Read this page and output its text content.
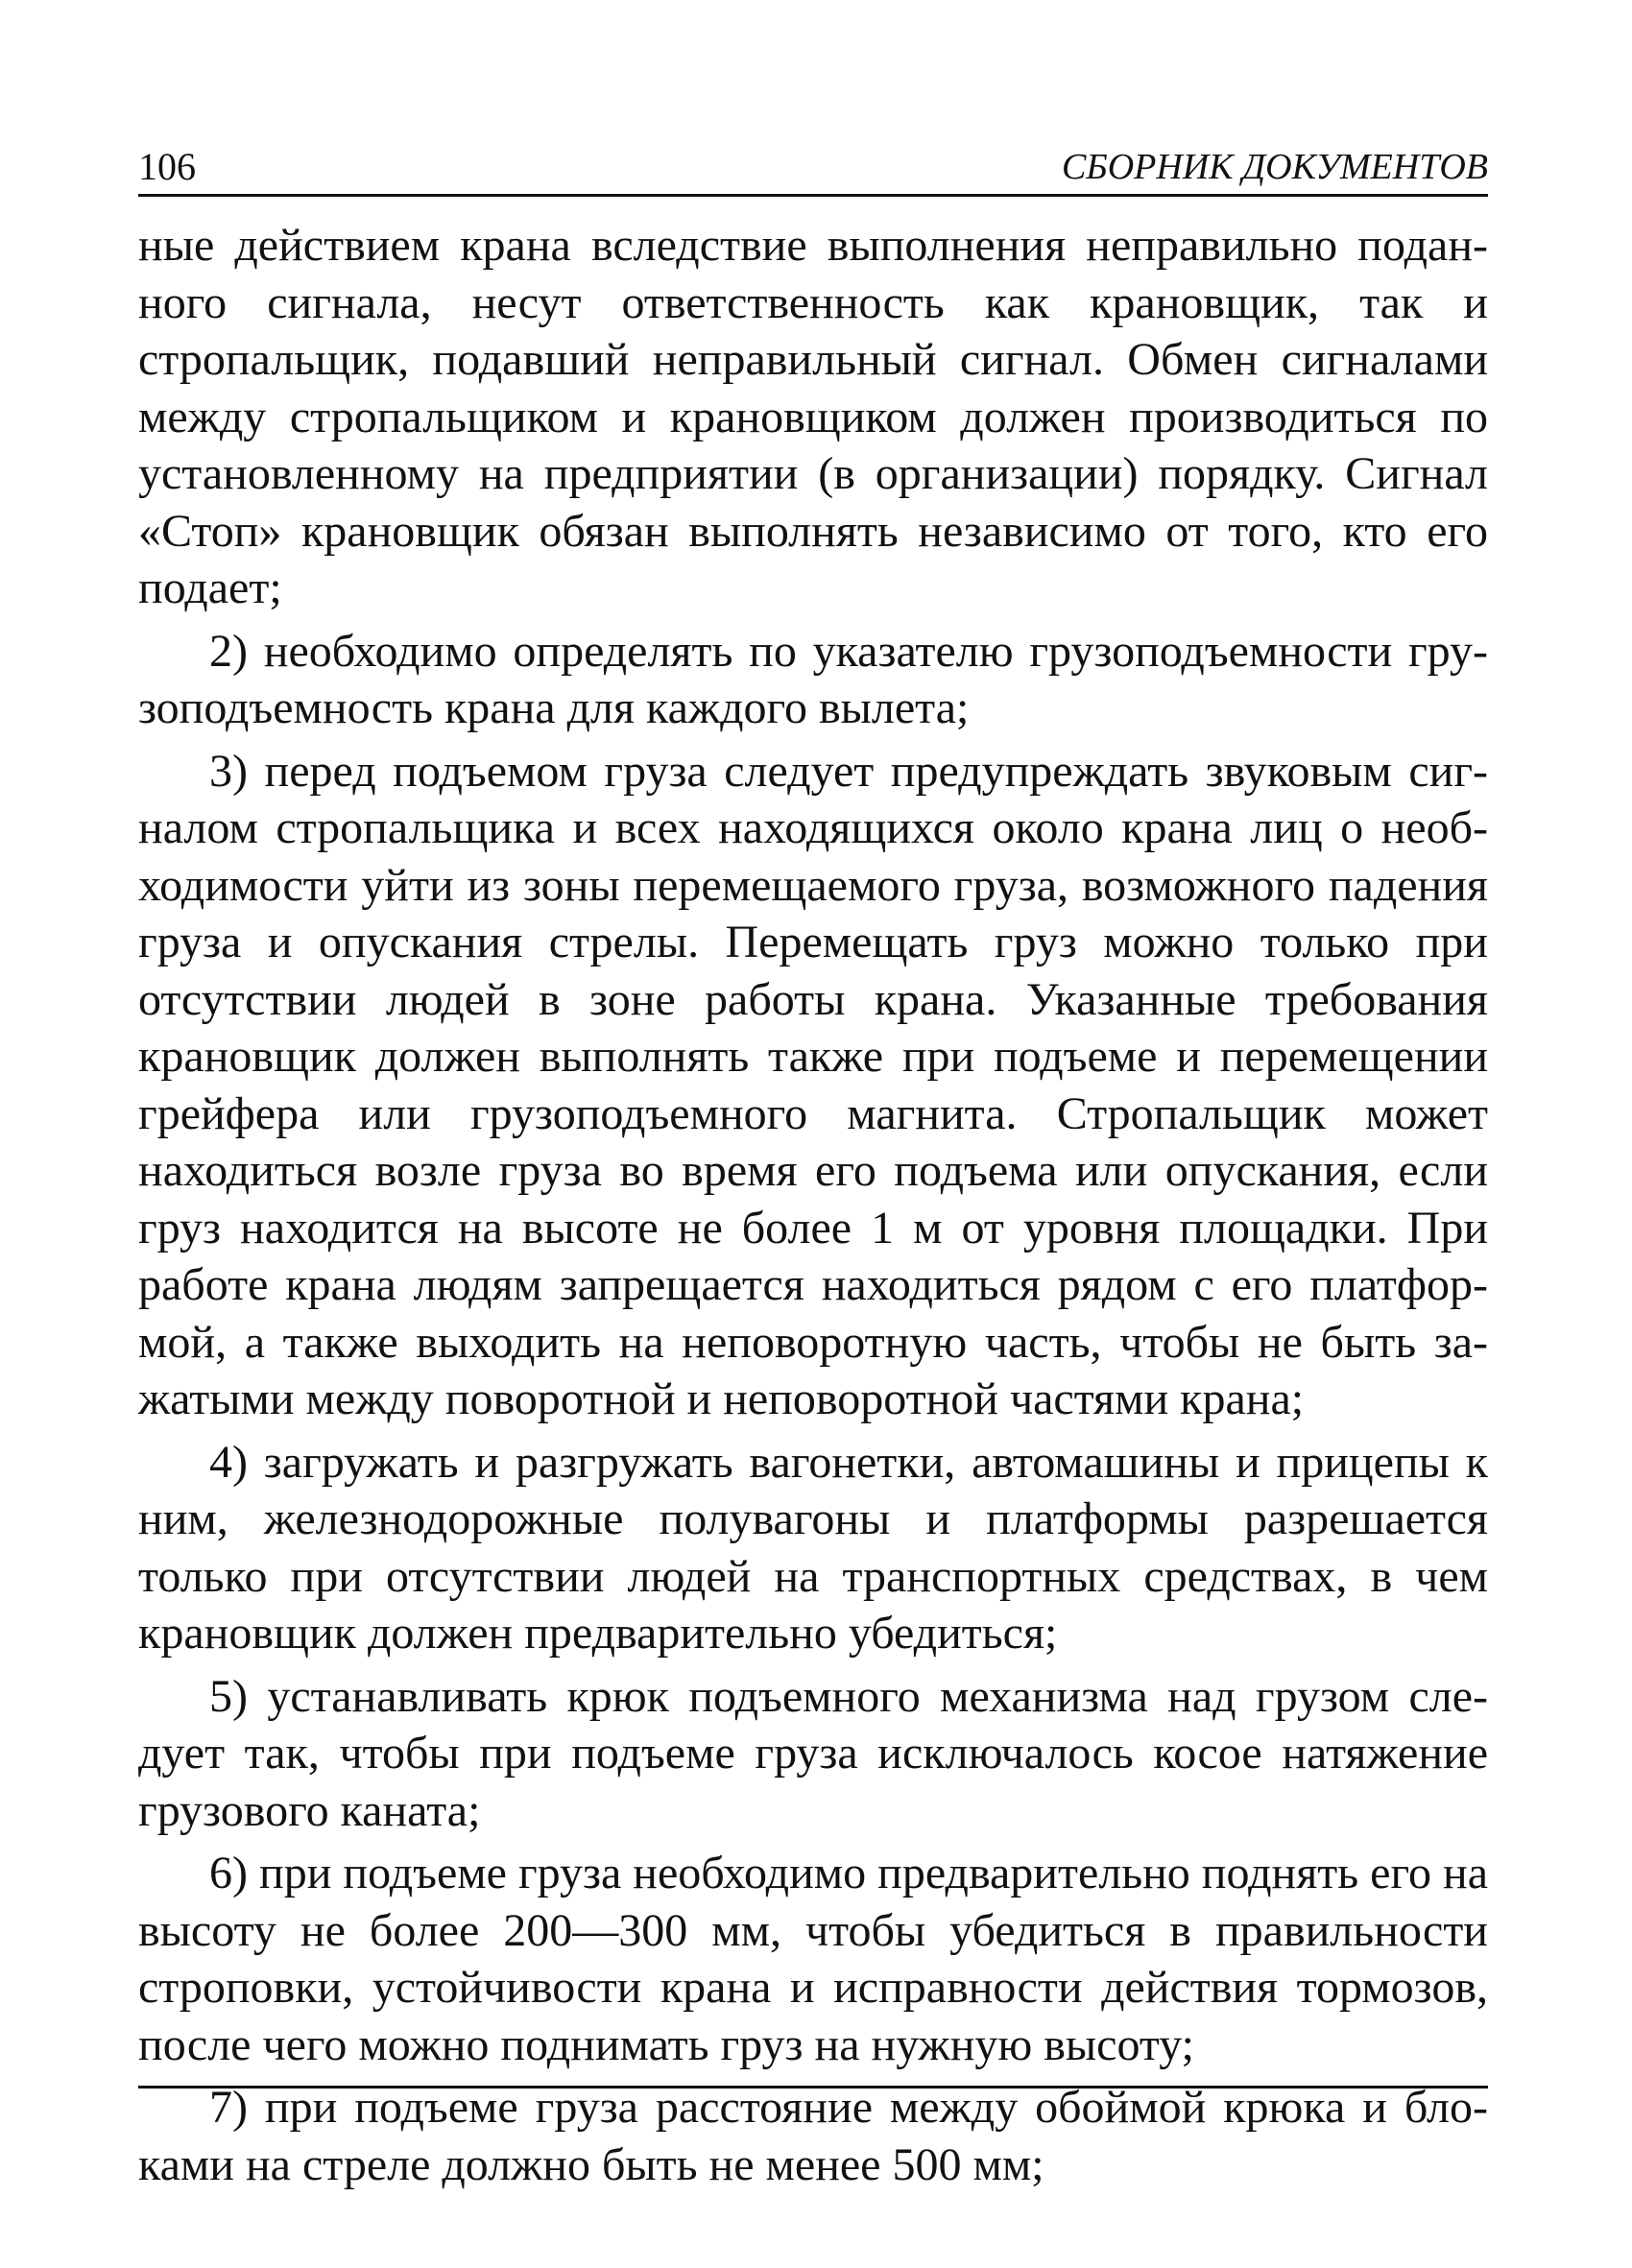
106	СБОРНИК ДОКУМЕНТОВ

ные действием крана вследствие выполнения неправильно поданного сигнала, несут ответственность как крановщик, так и стропальщик, подавший неправильный сигнал. Обмен сигналами между стропальщиком и крановщиком должен производиться по установленному на предприятии (в организации) порядку. Сигнал «Стоп» крановщик обязан выполнять независимо от того, кто его подает;

2) необходимо определять по указателю грузоподъемности грузоподъемность крана для каждого вылета;

3) перед подъемом груза следует предупреждать звуковым сигналом стропальщика и всех находящихся около крана лиц о необходимости уйти из зоны перемещаемого груза, возможного падения груза и опускания стрелы. Перемещать груз можно только при отсутствии людей в зоне работы крана. Указанные требования крановщик должен выполнять также при подъеме и перемещении грейфера или грузоподъемного магнита. Стропальщик может находиться возле груза во время его подъема или опускания, если груз находится на высоте не более 1 м от уровня площадки. При работе крана людям запрещается находиться рядом с его платформой, а также выходить на неповоротную часть, чтобы не быть зажатыми между поворотной и неповоротной частями крана;

4) загружать и разгружать вагонетки, автомашины и прицепы к ним, железнодорожные полувагоны и платформы разрешается только при отсутствии людей на транспортных средствах, в чем крановщик должен предварительно убедиться;

5) устанавливать крюк подъемного механизма над грузом следует так, чтобы при подъеме груза исключалось косое натяжение грузового каната;

6) при подъеме груза необходимо предварительно поднять его на высоту не более 200—300 мм, чтобы убедиться в правильности строповки, устойчивости крана и исправности действия тормозов, после чего можно поднимать груз на нужную высоту;

7) при подъеме груза расстояние между обоймой крюка и блоками на стреле должно быть не менее 500 мм;
